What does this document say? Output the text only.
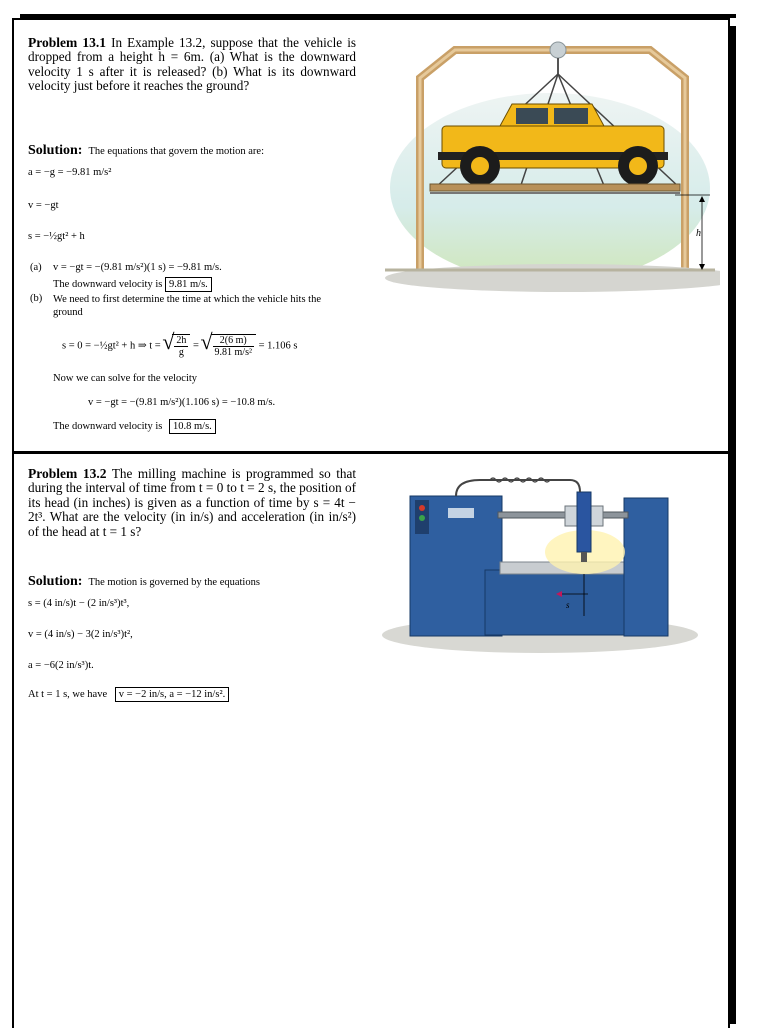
Problem 13.1 In Example 13.2, suppose that the vehicle is dropped from a height h = 6m. (a) What is the downward velocity 1 s after it is released? (b) What is its downward velocity just before it reaches the ground?
Solution: The equations that govern the motion are:
a = −g = −9.81 m/s²
v = −gt
s = −½gt² + h
(a) v = −gt = −(9.81 m/s²)(1 s) = −9.81 m/s.
The downward velocity is 9.81 m/s.
(b) We need to first determine the time at which the vehicle hits the ground
s = 0 = −½gt² + h ⇒ t = √ $\frac{2h}{g}$ = √ $\frac{2(6 m)}{\text{9.81 m/s²}} = 1.106$ s
Now we can solve for the velocity
v = −gt = −(9.81 m/s²)(1.106 s) = −10.8 m/s.
The downward velocity is 10.8 m/s.
h
Problem 13.2 The milling machine is programmed so that during the interval of time from t = 0 to t = 2 s, the position of its head (in inches) is given as a function of time by s = 4t − 2t³. What are the velocity (in in/s) and acceleration (in in/s²) of the head at t = 1 s?
Solution: The motion is governed by the equations
s = (4 in/s)t − (2 in/s³)t³,
v = (4 in/s) − 3(2 in/s³)t²,
a = −6(2 in/s³)t.
At t = 1 s, we have v = −2 in/s, a = −12 in/s².
s
